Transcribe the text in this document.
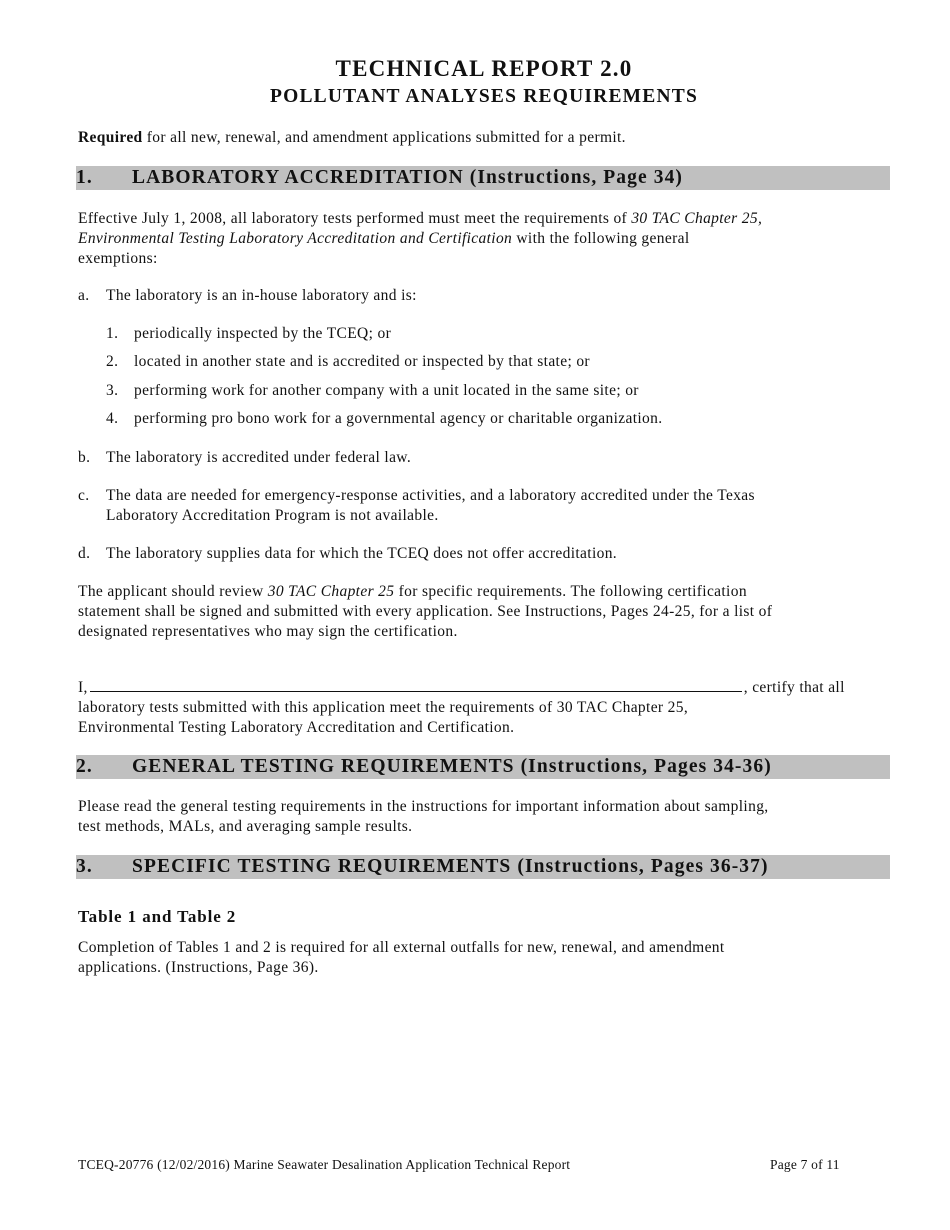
TECHNICAL REPORT 2.0
POLLUTANT ANALYSES REQUIREMENTS
Required for all new, renewal, and amendment applications submitted for a permit.
1. LABORATORY ACCREDITATION (Instructions, Page 34)
Effective July 1, 2008, all laboratory tests performed must meet the requirements of 30 TAC Chapter 25,
Environmental Testing Laboratory Accreditation and Certification with the following general
exemptions:
a. The laboratory is an in-house laboratory and is:
1. periodically inspected by the TCEQ; or
2. located in another state and is accredited or inspected by that state; or
3. performing work for another company with a unit located in the same site; or
4. performing pro bono work for a governmental agency or charitable organization.
b. The laboratory is accredited under federal law.
c. The data are needed for emergency-response activities, and a laboratory accredited under the Texas
Laboratory Accreditation Program is not available.
d. The laboratory supplies data for which the TCEQ does not offer accreditation.
The applicant should review 30 TAC Chapter 25 for specific requirements. The following certification
statement shall be signed and submitted with every application. See Instructions, Pages 24-25, for a list of
designated representatives who may sign the certification.
I,	, certify that all
laboratory tests submitted with this application meet the requirements of 30 TAC Chapter 25,
Environmental Testing Laboratory Accreditation and Certification.
2. GENERAL TESTING REQUIREMENTS (Instructions, Pages 34-36)
Please read the general testing requirements in the instructions for important information about sampling,
test methods, MALs, and averaging sample results.
3. SPECIFIC TESTING REQUIREMENTS (Instructions, Pages 36-37)
Table 1 and Table 2
Completion of Tables 1 and 2 is required for all external outfalls for new, renewal, and amendment
applications. (Instructions, Page 36).
TCEQ-20776 (12/02/2016) Marine Seawater Desalination Application Technical Report	Page 7 of 11
